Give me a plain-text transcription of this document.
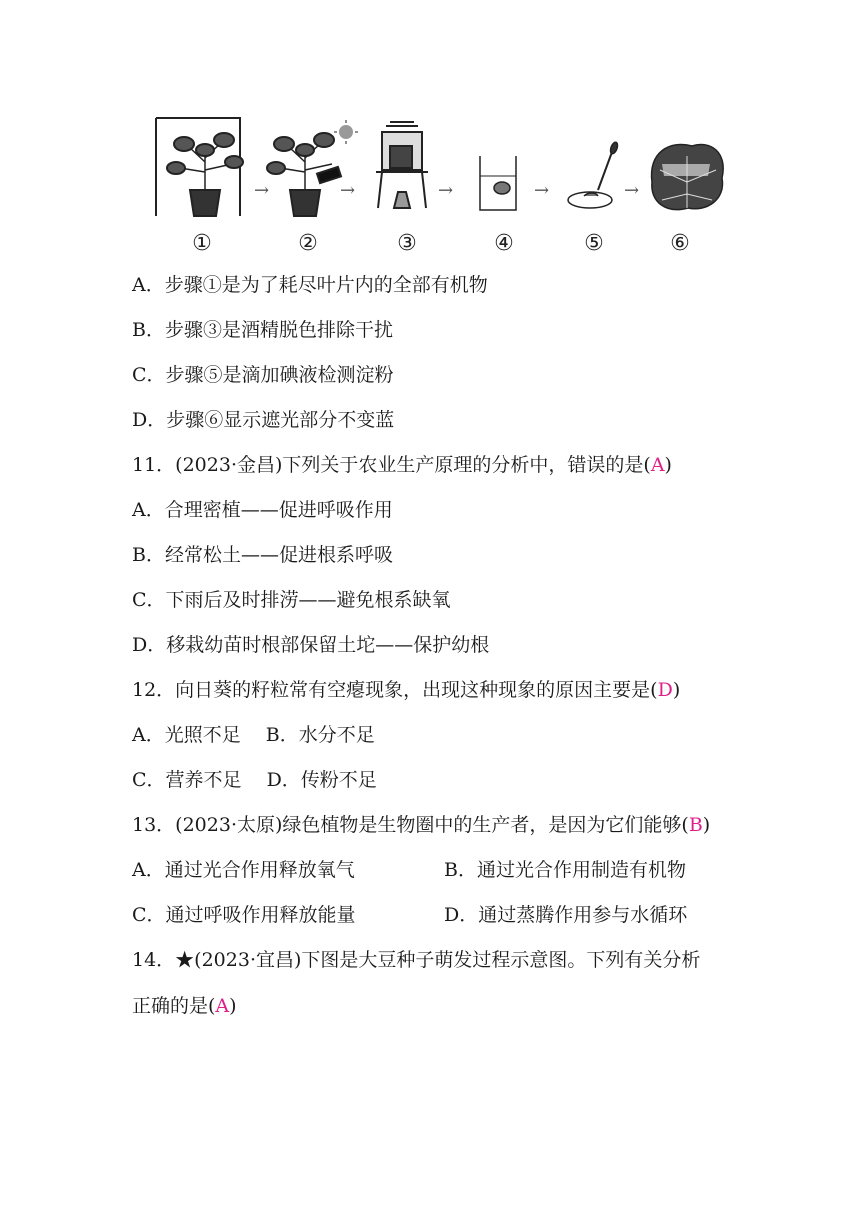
→	→	→	→	→
①	②	③	④	⑤	⑥
A．步骤①是为了耗尽叶片内的全部有机物
B．步骤③是酒精脱色排除干扰
C．步骤⑤是滴加碘液检测淀粉
D．步骤⑥显示遮光部分不变蓝
11．(2023·金昌)下列关于农业生产原理的分析中，错误的是(A)
A．合理密植——促进呼吸作用
B．经常松土——促进根系呼吸
C．下雨后及时排涝——避免根系缺氧
D．移栽幼苗时根部保留土坨——保护幼根
12．向日葵的籽粒常有空瘪现象，出现这种现象的原因主要是(D)
A．光照不足　 B．水分不足
C．营养不足　 D．传粉不足
13．(2023·太原)绿色植物是生物圈中的生产者，是因为它们能够(B)
A．通过光合作用释放氧气	B．通过光合作用制造有机物
C．通过呼吸作用释放能量	D．通过蒸腾作用参与水循环
14．★(2023·宜昌)下图是大豆种子萌发过程示意图。下列有关分析
正确的是(A)
